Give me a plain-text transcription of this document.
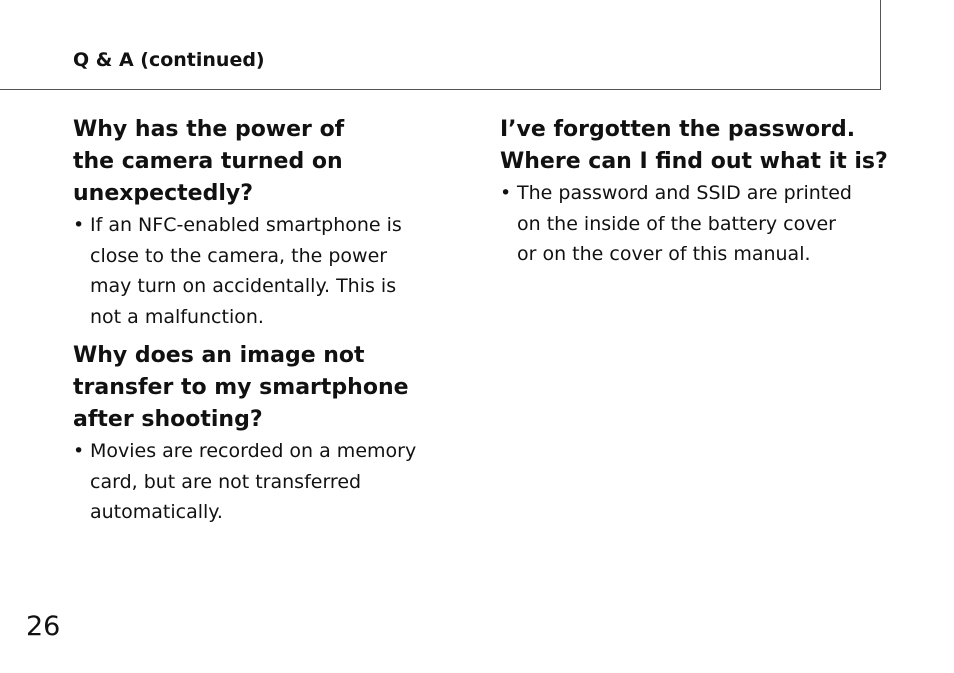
Q & A (continued)

Why has the power of
the camera turned on
unexpectedly?

• If an NFC-enabled smartphone is
close to the camera, the power
may turn on accidentally. This is
not a malfunction.

Why does an image not
transfer to my smartphone
after shooting?

• Movies are recorded on a memory
card, but are not transferred
automatically.

I’ve forgotten the password.
Where can I find out what it is?

• The password and SSID are printed
on the inside of the battery cover
or on the cover of this manual.

26
